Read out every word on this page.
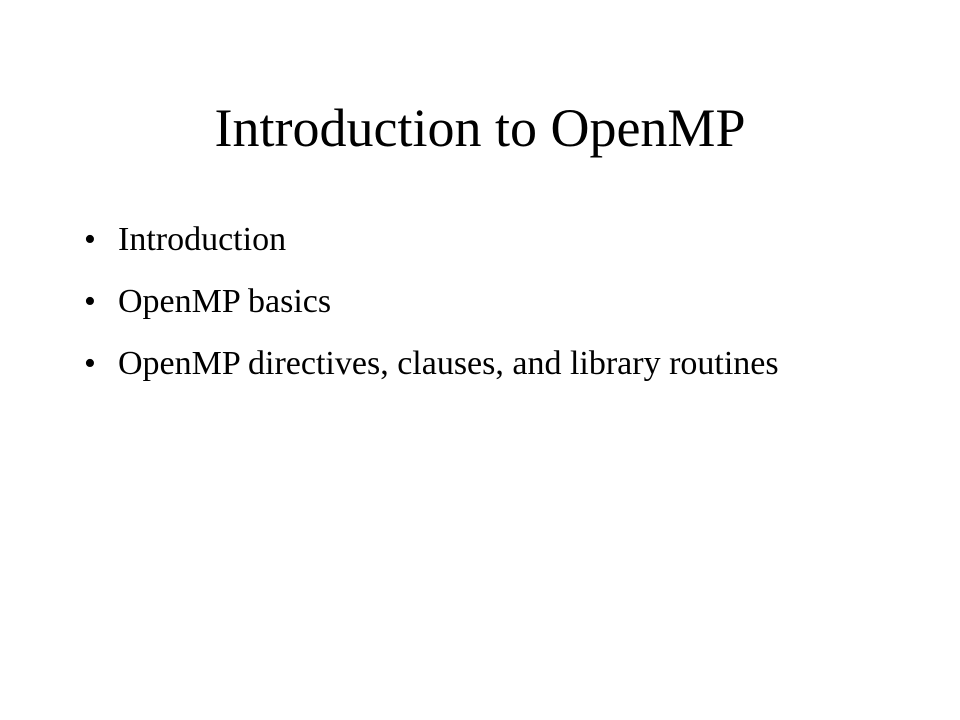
Introduction to OpenMP
• Introduction
• OpenMP basics
• OpenMP directives, clauses, and library routines
